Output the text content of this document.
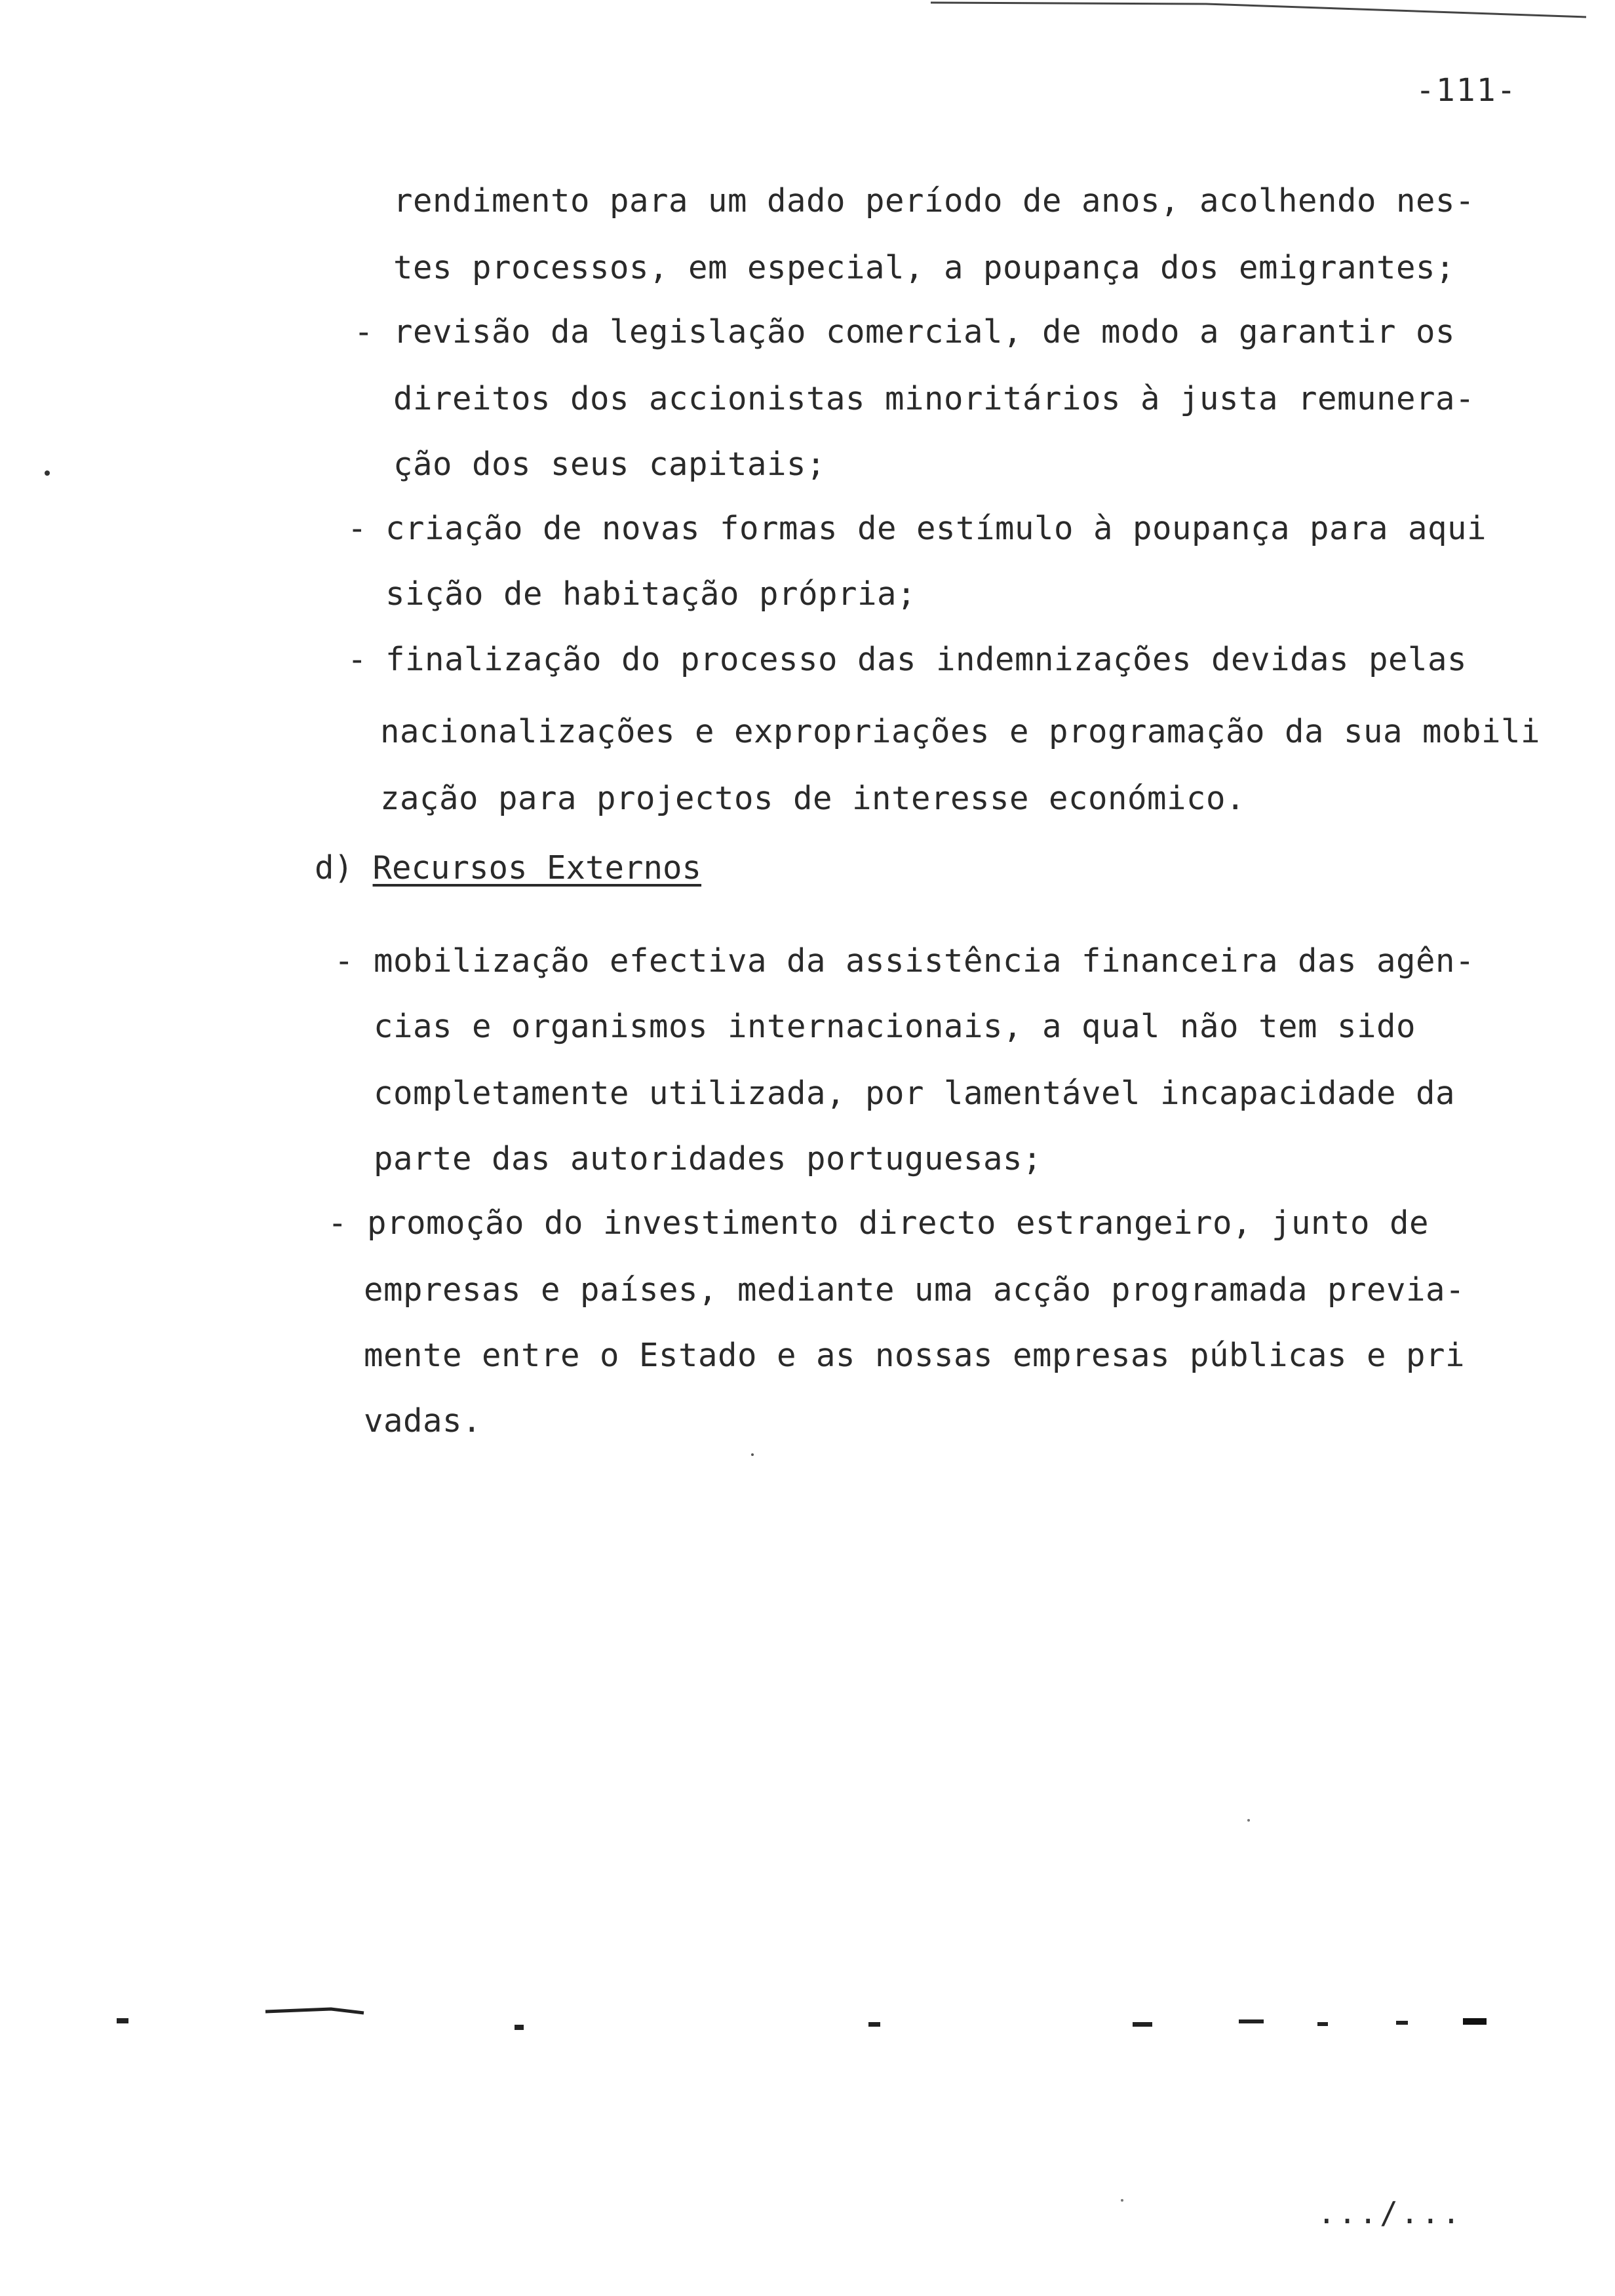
-111-
rendimento para um dado período de anos, acolhendo nes-
tes processos, em especial, a poupança dos emigrantes;
- revisão da legislação comercial, de modo a garantir os
direitos dos accionistas minoritários à justa remunera-
ção dos seus capitais;
- criação de novas formas de estímulo à poupança para aqui
sição de habitação própria;
- finalização do processo das indemnizações devidas pelas
nacionalizações e expropriações e programação da sua mobili
zação para projectos de interesse económico.
d) Recursos Externos
- mobilização efectiva da assistência financeira das agên-
cias e organismos internacionais, a qual não tem sido
completamente utilizada, por lamentável incapacidade da
parte das autoridades portuguesas;
- promoção do investimento directo estrangeiro, junto de
empresas e países, mediante uma acção programada previa-
mente entre o Estado e as nossas empresas públicas e pri
vadas.
.../...
